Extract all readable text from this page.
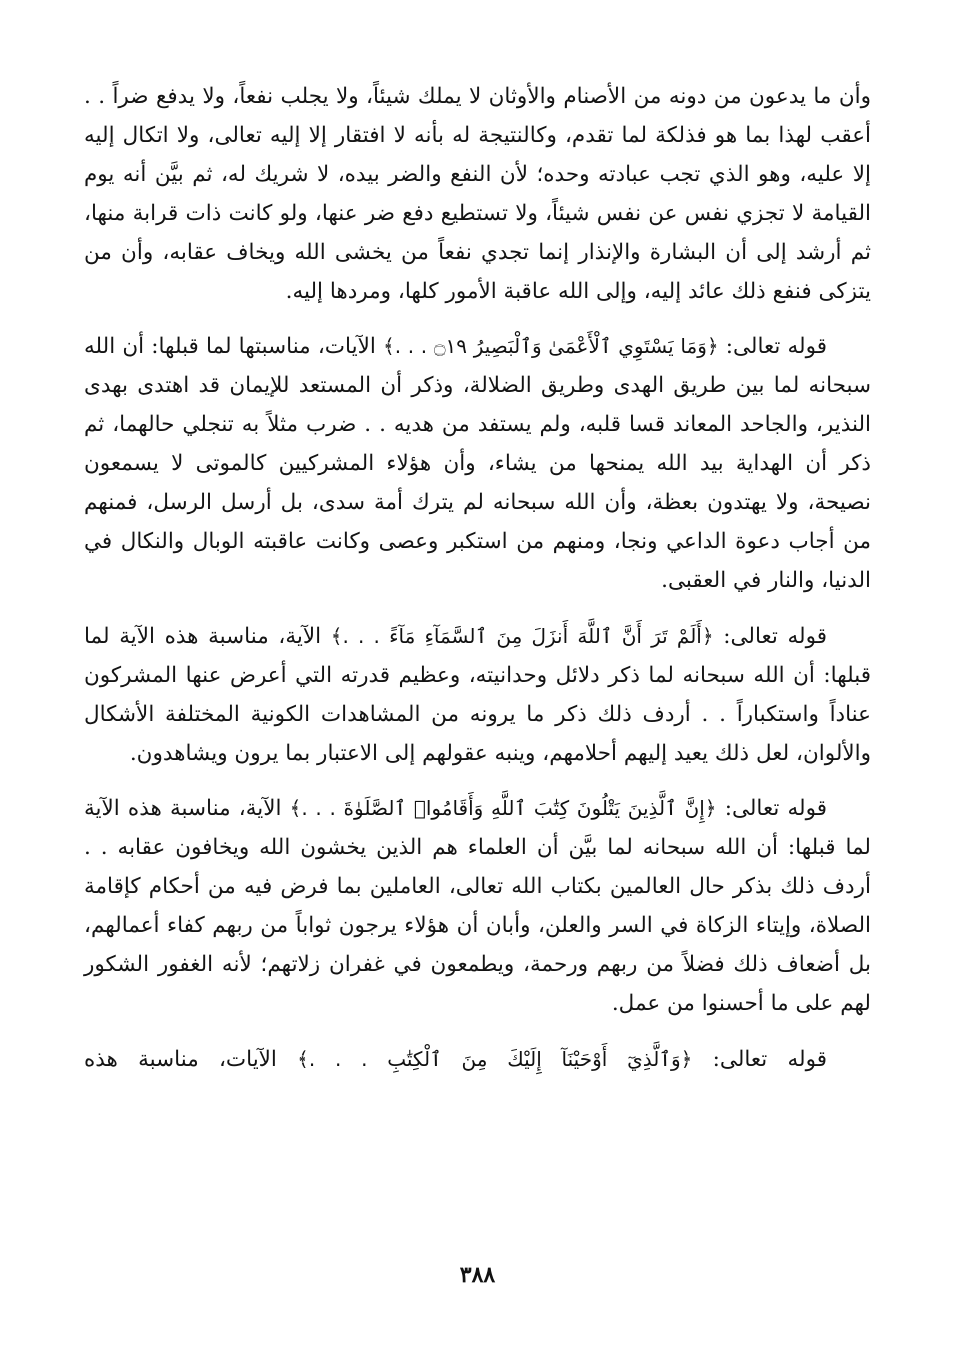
وأن ما يدعون من دونه من الأصنام والأوثان لا يملك شيئاً، ولا يجلب نفعاً، ولا يدفع ضراً . . أعقب لهذا بما هو فذلكة لما تقدم، وكالنتيجة له بأنه لا افتقار إلا إليه تعالى، ولا اتكال إليه إلا عليه، وهو الذي تجب عبادته وحده؛ لأن النفع والضر بيده، لا شريك له، ثم بيَّن أنه يوم القيامة لا تجزي نفس عن نفس شيئاً، ولا تستطيع دفع ضر عنها، ولو كانت ذات قرابة منها، ثم أرشد إلى أن البشارة والإنذار إنما تجدي نفعاً من يخشى الله ويخاف عقابه، وأن من يتزكى فنفع ذلك عائد إليه، وإلى الله عاقبة الأمور كلها، ومردها إليه.

قوله تعالى: ﴿وَمَا يَسْتَوِي ٱلْأَعْمَىٰ وَٱلْبَصِيرُ ۝١٩ . . .﴾ الآيات، مناسبتها لما قبلها: أن الله سبحانه لما بين طريق الهدى وطريق الضلالة، وذكر أن المستعد للإيمان قد اهتدى بهدى النذير، والجاحد المعاند قسا قلبه، ولم يستفد من هديه . . ضرب مثلاً به تنجلي حالهما، ثم ذكر أن الهداية بيد الله يمنحها من يشاء، وأن هؤلاء المشركيين كالموتى لا يسمعون نصيحة، ولا يهتدون بعظة، وأن الله سبحانه لم يترك أمة سدى، بل أرسل الرسل، فمنهم من أجاب دعوة الداعي ونجا، ومنهم من استكبر وعصى وكانت عاقبته الوبال والنكال في الدنيا، والنار في العقبى.

قوله تعالى: ﴿أَلَمْ تَرَ أَنَّ ٱللَّهَ أَنزَلَ مِنَ ٱلسَّمَآءِ مَآءً . . .﴾ الآية، مناسبة هذه الآية لما قبلها: أن الله سبحانه لما ذكر دلائل وحدانيته، وعظيم قدرته التي أعرض عنها المشركون عناداً واستكباراً . . أردف ذلك ذكر ما يرونه من المشاهدات الكونية المختلفة الأشكال والألوان، لعل ذلك يعيد إليهم أحلامهم، وينبه عقولهم إلى الاعتبار بما يرون ويشاهدون.

قوله تعالى: ﴿إِنَّ ٱلَّذِينَ يَتْلُونَ كِتَٰبَ ٱللَّهِ وَأَقَامُوا۟ ٱلصَّلَوٰةَ . . .﴾ الآية، مناسبة هذه الآية لما قبلها: أن الله سبحانه لما بيَّن أن العلماء هم الذين يخشون الله ويخافون عقابه . . أردف ذلك بذكر حال العالمين بكتاب الله تعالى، العاملين بما فرض فيه من أحكام كإقامة الصلاة، وإيتاء الزكاة في السر والعلن، وأبان أن هؤلاء يرجون ثواباً من ربهم كفاء أعمالهم، بل أضعاف ذلك فضلاً من ربهم ورحمة، ويطمعون في غفران زلاتهم؛ لأنه الغفور الشكور لهم على ما أحسنوا من عمل.

قوله تعالى: ﴿وَٱلَّذِيٓ أَوْحَيْنَآ إِلَيْكَ مِنَ ٱلْكِتَٰبِ . . .﴾ الآيات، مناسبة هذه

٣٨٨
